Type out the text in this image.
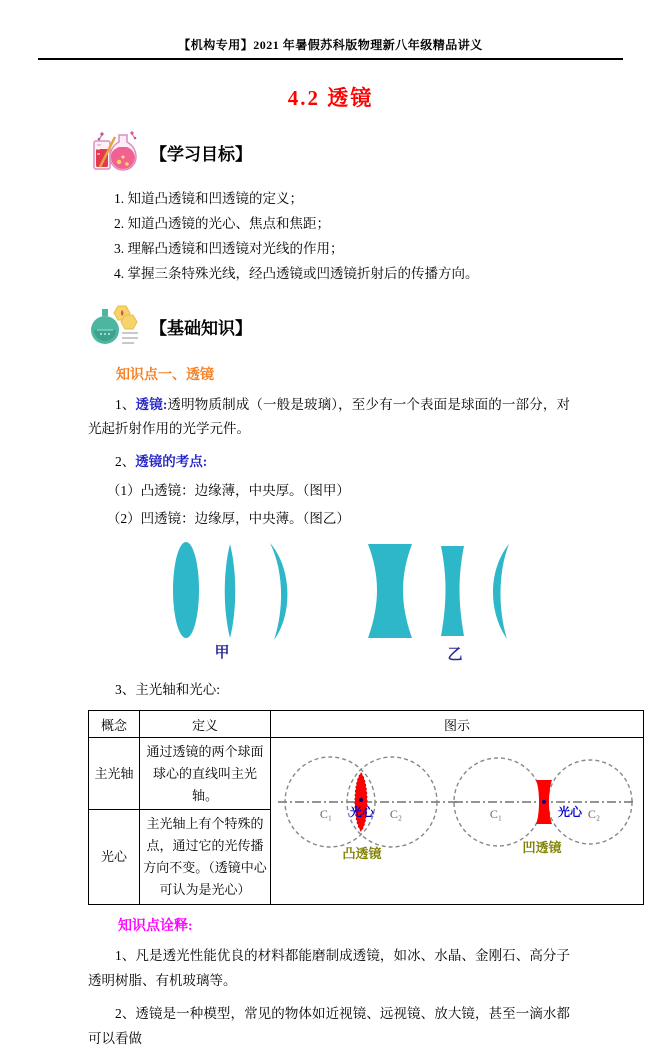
【机构专用】2021 年暑假苏科版物理新八年级精品讲义
4.2 透镜
【学习目标】
1. 知道凸透镜和凹透镜的定义；
2. 知道凸透镜的光心、焦点和焦距；
3. 理解凸透镜和凹透镜对光线的作用；
4. 掌握三条特殊光线，经凸透镜或凹透镜折射后的传播方向。
【基础知识】
知识点一、透镜
1、透镜:透明物质制成（一般是玻璃），至少有一个表面是球面的一部分，对光起折射作用的光学元件。
2、透镜的考点:
（1）凸透镜：边缘薄，中央厚。（图甲）
（2）凹透镜：边缘厚，中央薄。（图乙）
甲	乙
3、主光轴和光心:
概念	定义	图示
主光轴	通过透镜的两个球面球心的直线叫主光轴。	
C₁ 光心 C₂
凸透镜
C₁	光心 C₂
凹透镜

光心	主光轴上有个特殊的点，通过它的光传播方向不变。（透镜中心可认为是光心）	
知识点诠释:
1、凡是透光性能优良的材料都能磨制成透镜，如冰、水晶、金刚石、高分子透明树脂、有机玻璃等。
2、透镜是一种模型，常见的物体如近视镜、远视镜、放大镜，甚至一滴水都可以看做
